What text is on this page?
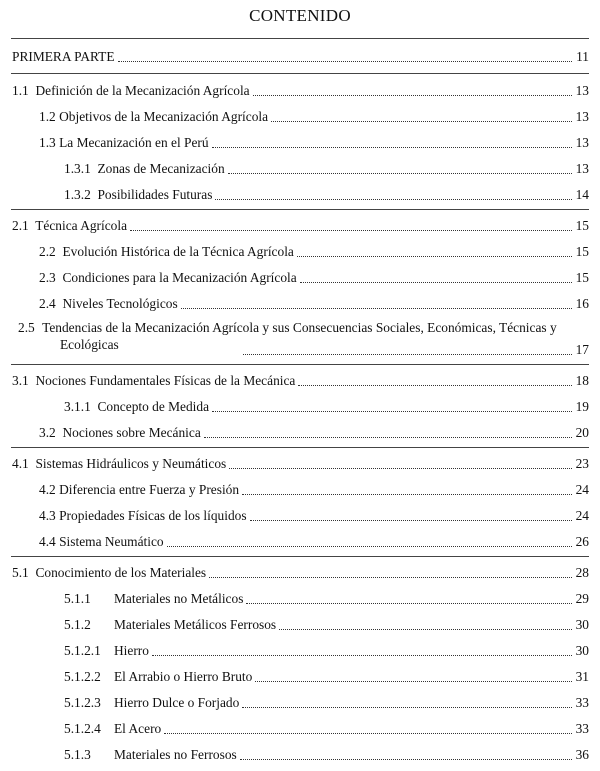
CONTENIDO
PRIMERA PARTE	11
1.1 Definición de la Mecanización Agrícola	13
1.2 Objetivos de la Mecanización Agrícola	13
1.3 La Mecanización en el Perú	13
1.3.1 Zonas de Mecanización	13
1.3.2 Posibilidades Futuras	14
2.1 Técnica Agrícola	15
2.2 Evolución Histórica de la Técnica Agrícola	15
2.3 Condiciones para la Mecanización Agrícola	15
2.4 Niveles Tecnológicos	16
2.5 Tendencias de la Mecanización Agrícola y sus Consecuencias Sociales, Económicas, Técnicas y Ecológicas	17
3.1 Nociones Fundamentales Físicas de la Mecánica	18
3.1.1 Concepto de Medida	19
3.2 Nociones sobre Mecánica	20
4.1 Sistemas Hidráulicos y Neumáticos	23
4.2 Diferencia entre Fuerza y Presión	24
4.3 Propiedades Físicas de los líquidos	24
4.4 Sistema Neumático	26
5.1 Conocimiento de los Materiales	28
5.1.1 Materiales no Metálicos	29
5.1.2 Materiales Metálicos Ferrosos	30
5.1.2.1 Hierro	30
5.1.2.2 El Arrabio o Hierro Bruto	31
5.1.2.3 Hierro Dulce o Forjado	33
5.1.2.4 El Acero	33
5.1.3 Materiales no Ferrosos	36
